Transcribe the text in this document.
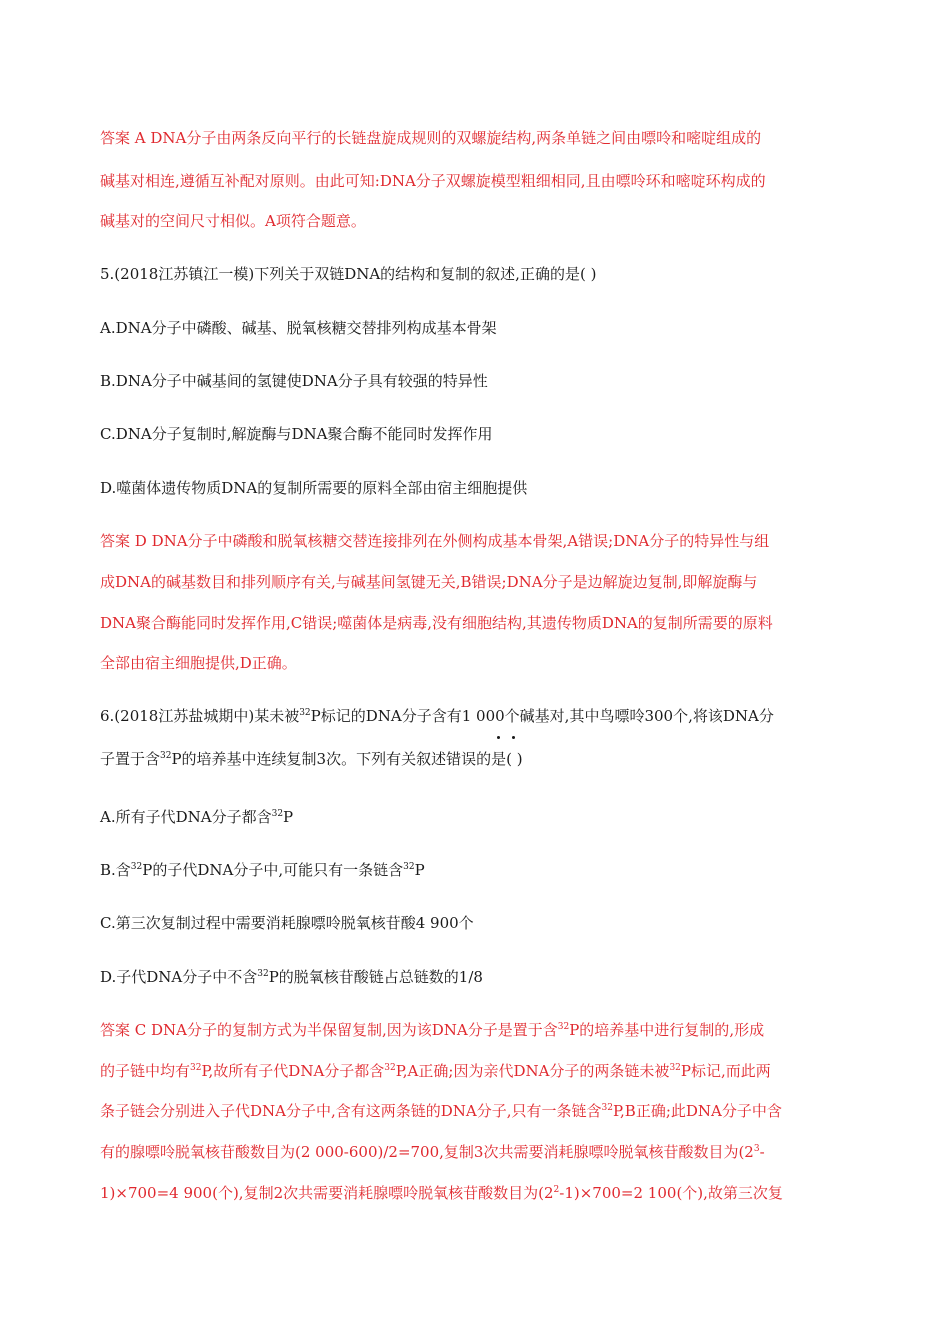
答案 A DNA分子由两条反向平行的长链盘旋成规则的双螺旋结构,两条单链之间由嘌呤和嘧啶组成的
碱基对相连,遵循互补配对原则。由此可知:DNA分子双螺旋模型粗细相同,且由嘌呤环和嘧啶环构成的
碱基对的空间尺寸相似。A项符合题意。
5.(2018江苏镇江一模)下列关于双链DNA的结构和复制的叙述,正确的是( )
A.DNA分子中磷酸、碱基、脱氧核糖交替排列构成基本骨架
B.DNA分子中碱基间的氢键使DNA分子具有较强的特异性
C.DNA分子复制时,解旋酶与DNA聚合酶不能同时发挥作用
D.噬菌体遗传物质DNA的复制所需要的原料全部由宿主细胞提供
答案 D DNA分子中磷酸和脱氧核糖交替连接排列在外侧构成基本骨架,A错误;DNA分子的特异性与组
成DNA的碱基数目和排列顺序有关,与碱基间氢键无关,B错误;DNA分子是边解旋边复制,即解旋酶与
DNA聚合酶能同时发挥作用,C错误;噬菌体是病毒,没有细胞结构,其遗传物质DNA的复制所需要的原料
全部由宿主细胞提供,D正确。
6.(2018江苏盐城期中)某未被$^{32}$P标记的DNA分子含有1 000个碱基对,其中鸟嘌呤300个,将该DNA分
子置于含$^{32}$P的培养基中连续复制3次。下列有关叙述错误的是( )
A.所有子代DNA分子都含$^{32}$P
B.含$^{32}$P的子代DNA分子中,可能只有一条链含$^{32}$P
C.第三次复制过程中需要消耗腺嘌呤脱氧核苷酸4 900个
D.子代DNA分子中不含$^{32}$P的脱氧核苷酸链占总链数的1/8
答案 C DNA分子的复制方式为半保留复制,因为该DNA分子是置于含$^{32}$P的培养基中进行复制的,形成
的子链中均有$^{32}$P,故所有子代DNA分子都含$^{32}$P,A正确;因为亲代DNA分子的两条链未被$^{32}$P标记,而此两
条子链会分别进入子代DNA分子中,含有这两条链的DNA分子,只有一条链含$^{32}$P,B正确;此DNA分子中含
有的腺嘌呤脱氧核苷酸数目为(2 000-600)/2=700,复制3次共需要消耗腺嘌呤脱氧核苷酸数目为($2^3-$
1)×700=4 900(个),复制2次共需要消耗腺嘌呤脱氧核苷酸数目为$(2^2-1)\times 700=2$ 100(个),故第三次复
